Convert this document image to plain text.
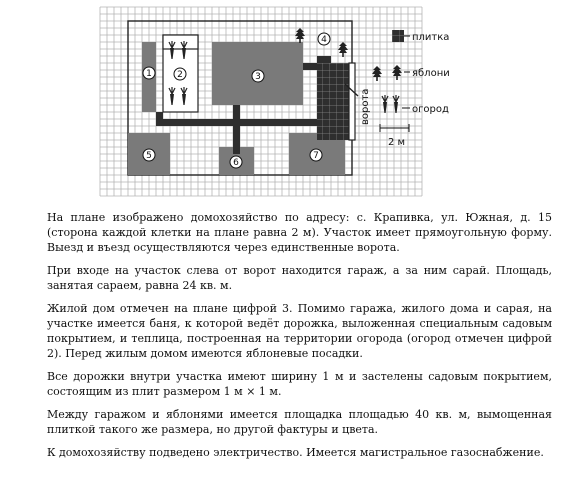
ворота
1	2	3
4
5
6
7
плитка
яблони
огород
2 м

На плане изображено домохозяйство по адресу: с. Крапивка, ул. Южная, д. 15 (сторона каждой клетки на плане равна 2 м). Участок имеет прямоугольную форму. Выезд и въезд осуществляются через единственные ворота.

При входе на участок слева от ворот находится гараж, а за ним сарай. Площадь, занятая сараем, равна 24 кв. м.

Жилой дом отмечен на плане цифрой 3. Помимо гаража, жилого дома и сарая, на участке имеется баня, к которой ведёт дорожка, выложенная специальным садовым покрытием, и теплица, построенная на территории огорода (огород отмечен цифрой 2). Перед жилым домом имеются яблоневые посадки.

Все дорожки внутри участка имеют ширину 1 м и застелены садовым покрытием, состоящим из плит размером 1 м × 1 м.

Между гаражом и яблонями имеется площадка площадью 40 кв. м, вымощенная плиткой такого же размера, но другой фактуры и цвета.

К домохозяйству подведено электричество. Имеется магистральное газоснабжение.
